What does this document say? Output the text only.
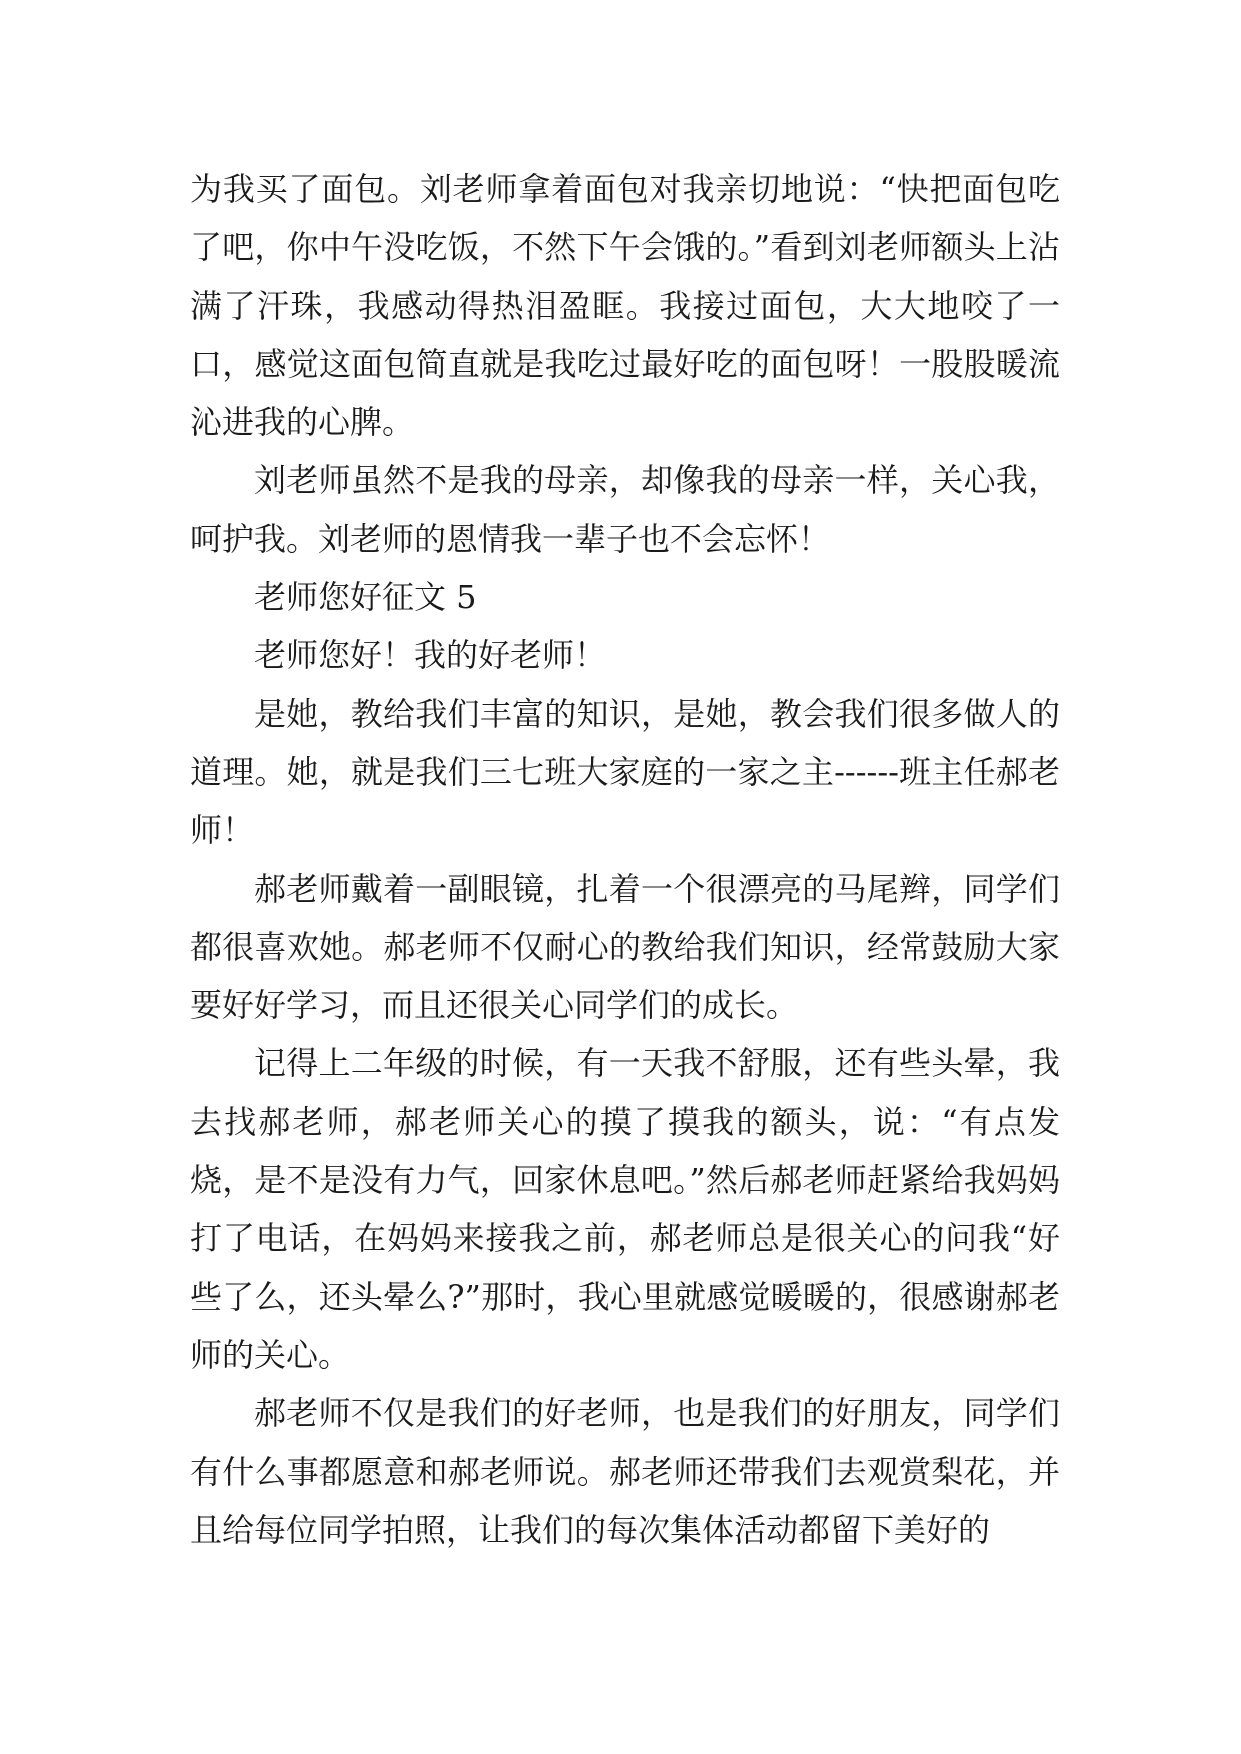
为我买了面包。刘老师拿着面包对我亲切地说：“快把面包吃了吧，你中午没吃饭，不然下午会饿的。”看到刘老师额头上沾满了汗珠，我感动得热泪盈眶。我接过面包，大大地咬了一口，感觉这面包简直就是我吃过最好吃的面包呀！一股股暖流沁进我的心脾。

刘老师虽然不是我的母亲，却像我的母亲一样，关心我，呵护我。刘老师的恩情我一辈子也不会忘怀！

老师您好征文 5

老师您好！我的好老师！

是她，教给我们丰富的知识，是她，教会我们很多做人的道理。她，就是我们三七班大家庭的一家之主------班主任郝老师！

郝老师戴着一副眼镜，扎着一个很漂亮的马尾辫，同学们都很喜欢她。郝老师不仅耐心的教给我们知识，经常鼓励大家要好好学习，而且还很关心同学们的成长。

记得上二年级的时候，有一天我不舒服，还有些头晕，我去找郝老师，郝老师关心的摸了摸我的额头，说：“有点发烧，是不是没有力气，回家休息吧。”然后郝老师赶紧给我妈妈打了电话，在妈妈来接我之前，郝老师总是很关心的问我“好些了么，还头晕么?”那时，我心里就感觉暖暖的，很感谢郝老师的关心。

郝老师不仅是我们的好老师，也是我们的好朋友，同学们有什么事都愿意和郝老师说。郝老师还带我们去观赏梨花，并且给每位同学拍照，让我们的每次集体活动都留下美好的
